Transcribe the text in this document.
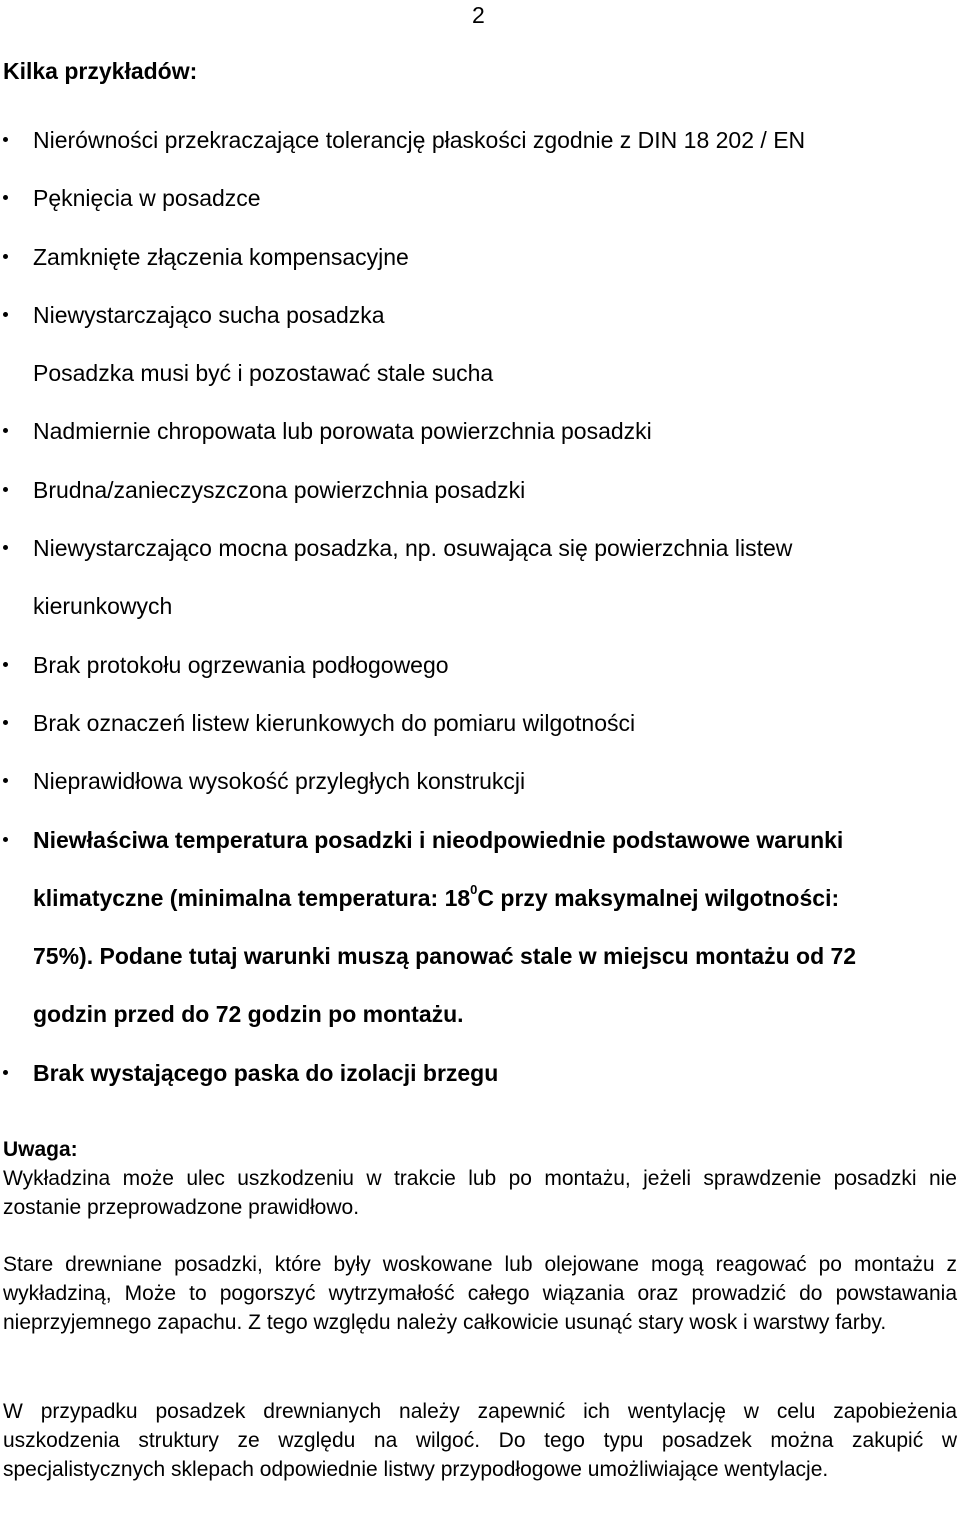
2
Kilka przykładów:
Nierówności przekraczające tolerancję płaskości zgodnie z DIN 18 202 / EN
Pęknięcia w posadzce
Zamknięte złączenia kompensacyjne
Niewystarczająco sucha posadzka
Posadzka musi być i pozostawać stale sucha
Nadmiernie chropowata lub porowata powierzchnia posadzki
Brudna/zanieczyszczona powierzchnia posadzki
Niewystarczająco mocna posadzka, np. osuwająca się powierzchnia listew
kierunkowych
Brak protokołu ogrzewania podłogowego
Brak oznaczeń listew kierunkowych do pomiaru wilgotności
Nieprawidłowa wysokość przyległych konstrukcji
Niewłaściwa temperatura posadzki i nieodpowiednie podstawowe warunki
klimatyczne (minimalna temperatura: $18^0C$ przy maksymalnej wilgotności:
75%). Podane tutaj warunki muszą panować stale w miejscu montażu od 72
godzin przed do 72 godzin po montażu.
Brak wystającego paska do izolacji brzegu
Uwaga:
Wykładzina może ulec uszkodzeniu w trakcie lub po montażu, jeżeli sprawdzenie posadzki nie zostanie przeprowadzone prawidłowo.
Stare drewniane posadzki, które były woskowane lub olejowane mogą reagować po montażu z wykładziną, Może to pogorszyć wytrzymałość całego wiązania oraz prowadzić do powstawania nieprzyjemnego zapachu. Z tego względu należy całkowicie usunąć stary wosk i warstwy farby.
W przypadku posadzek drewnianych należy zapewnić ich wentylację w celu zapobieżenia uszkodzenia struktury ze względu na wilgoć. Do tego typu posadzek można zakupić w specjalistycznych sklepach odpowiednie listwy przypodłogowe umożliwiające wentylacje.
